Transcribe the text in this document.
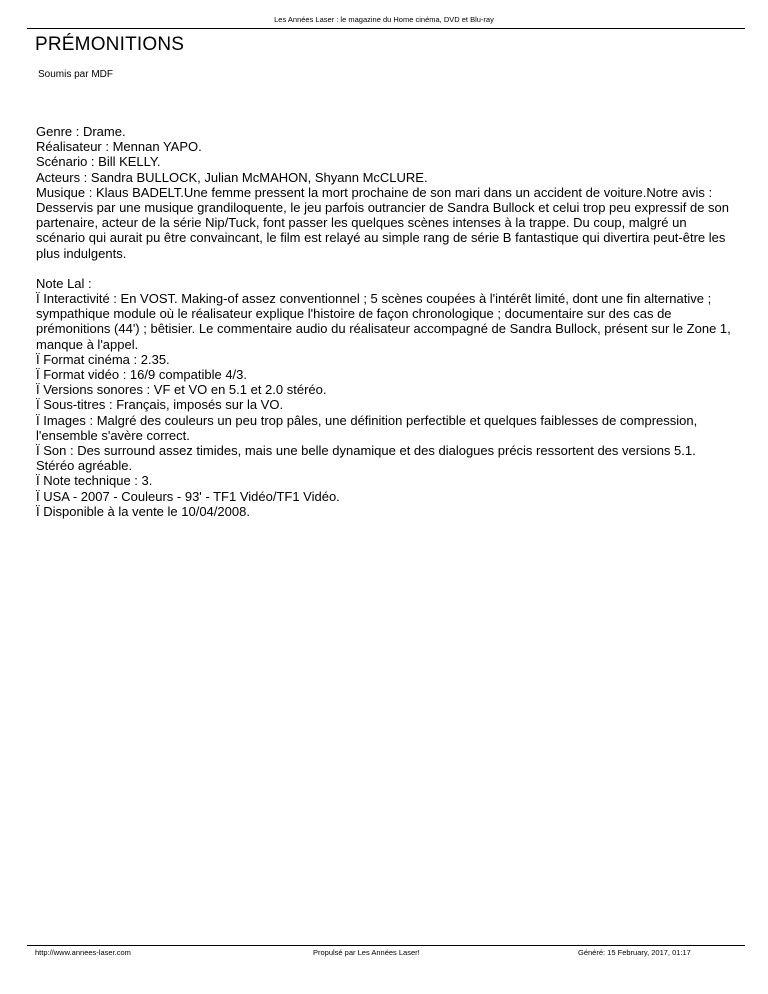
Les Années Laser : le magazine du Home cinéma, DVD et Blu-ray
PRÉMONITIONS
Soumis par MDF

Genre : Drame.

Réalisateur : Mennan YAPO.

Scénario : Bill KELLY.

Acteurs : Sandra BULLOCK, Julian McMAHON, Shyann McCLURE.

Musique : Klaus BADELT.Une femme pressent la mort prochaine de son mari dans un accident de voiture.Notre avis : Desservis par une musique grandiloquente, le jeu parfois outrancier de Sandra Bullock et celui trop peu expressif de son partenaire, acteur de la série Nip/Tuck, font passer les quelques scènes intenses à la trappe. Du coup, malgré un scénario qui aurait pu être convaincant, le film est relayé au simple rang de série B fantastique qui divertira peut-être les plus indulgents.

Note Lal :

Ï Interactivité : En VOST. Making-of assez conventionnel ; 5 scènes coupées à l'intérêt limité, dont une fin alternative ; sympathique module où le réalisateur explique l'histoire de façon chronologique ; documentaire sur des cas de prémonitions (44') ; bêtisier. Le commentaire audio du réalisateur accompagné de Sandra Bullock, présent sur le Zone 1, manque à l'appel.

Ï Format cinéma : 2.35.

Ï Format vidéo : 16/9 compatible 4/3.

Ï Versions sonores : VF et VO en 5.1 et 2.0 stéréo.

Ï Sous-titres : Français, imposés sur la VO.

Ï Images : Malgré des couleurs un peu trop pâles, une définition perfectible et quelques faiblesses de compression, l'ensemble s'avère correct.

Ï Son : Des surround assez timides, mais une belle dynamique et des dialogues précis ressortent des versions 5.1. Stéréo agréable.

Ï Note technique : 3.

Ï USA - 2007 - Couleurs - 93' - TF1 Vidéo/TF1 Vidéo.

Ï Disponible à la vente le 10/04/2008.

http://www.annees-laser.com	Propulsé par Les Années Laser!	Généré: 15 February, 2017, 01:17
